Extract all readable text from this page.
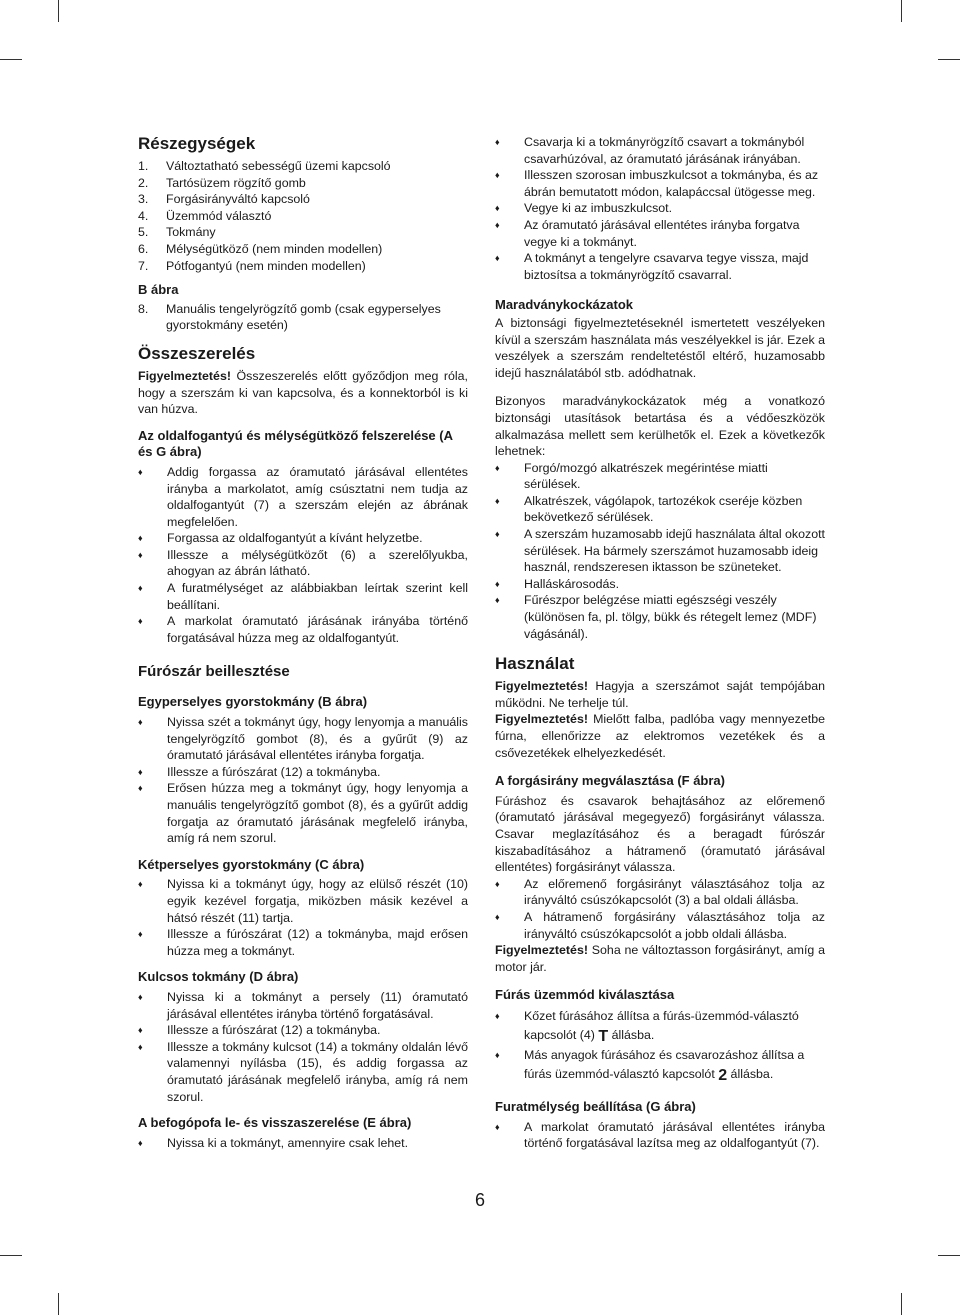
Részegységek
1.	Változtatható sebességű üzemi kapcsoló
2.	Tartósüzem rögzítő gomb
3.	Forgásirányváltó kapcsoló
4.	Üzemmód választó
5.	Tokmány
6.	Mélységütköző (nem minden modellen)
7.	Pótfogantyú (nem minden modellen)
B ábra
8.	Manuális tengelyrögzítő gomb (csak egyperselyes gyorstokmány esetén)
Összeszerelés

Figyelmeztetés! Összeszerelés előtt győződjon meg róla, hogy a szerszám ki van kapcsolva, és a konnektorból is ki van húzva.

Az oldalfogantyú és mélységütköző felszerelése (A és G ábra)
♦ Addig forgassa az óramutató járásával ellentétes irányba a markolatot, amíg csúsztatni nem tudja az oldalfogantyút (7) a szerszám elején az ábrának megfelelően.
♦ Forgassa az oldalfogantyút a kívánt helyzetbe.
♦ Illessze a mélységütközőt (6) a szerelőlyukba, ahogyan az ábrán látható.
♦ A furatmélységet az alábbiakban leírtak szerint kell beállítani.
♦ A markolat óramutató járásának irányába történő forgatásával húzza meg az oldalfogantyút.
Fúrószár beillesztése
Egyperselyes gyorstokmány (B ábra)
♦ Nyissa szét a tokmányt úgy, hogy lenyomja a manuális tengelyrögzítő gombot (8), és a gyűrűt (9) az óramutató járásával ellentétes irányba forgatja.
♦ Illessze a fúrószárat (12) a tokmányba.
♦ Erősen húzza meg a tokmányt úgy, hogy lenyomja a manuális tengelyrögzítő gombot (8), és a gyűrűt addig forgatja az óramutató járásának megfelelő irányba, amíg rá nem szorul.
Kétperselyes gyorstokmány (C ábra)
♦ Nyissa ki a tokmányt úgy, hogy az elülső részét (10) egyik kezével forgatja, miközben másik kezével a hátsó részét (11) tartja.
♦ Illessze a fúrószárat (12) a tokmányba, majd erősen húzza meg a tokmányt.
Kulcsos tokmány (D ábra)
♦ Nyissa ki a tokmányt a persely (11) óramutató járásával ellentétes irányba történő forgatásával.
♦ Illessze a fúrószárat (12) a tokmányba.
♦ Illessze a tokmány kulcsot (14) a tokmány oldalán lévő valamennyi nyílásba (15), és addig forgassa az óramutató járásának megfelelő irányba, amíg rá nem szorul.
A befogópofa le- és visszaszerelése (E ábra)
♦ Nyissa ki a tokmányt, amennyire csak lehet.
♦ Csavarja ki a tokmányrögzítő csavart a tokmányból csavarhúzóval, az óramutató járásának irányában.
♦ Illesszen szorosan imbuszkulcsot a tokmányba, és az ábrán bemutatott módon, kalapáccsal ütögesse meg.
♦ Vegye ki az imbuszkulcsot.
♦ Az óramutató járásával ellentétes irányba forgatva vegye ki a tokmányt.
♦ A tokmányt a tengelyre csavarva tegye vissza, majd biztosítsa a tokmányrögzítő csavarral.
Maradványkockázatok

A biztonsági figyelmeztetéseknél ismertetett veszélyeken kívül a szerszám használata más veszélyekkel is jár. Ezek a veszélyek a szerszám rendeltetéstől eltérő, huzamosabb idejű használatából stb. adódhatnak.

Bizonyos maradványkockázatok még a vonatkozó biztonsági utasítások betartása és a védőeszközök alkalmazása mellett sem kerülhetők el. Ezek a következők lehetnek:

♦ Forgó/mozgó alkatrészek megérintése miatti sérülések.
♦ Alkatrészek, vágólapok, tartozékok cseréje közben bekövetkező sérülések.
♦ A szerszám huzamosabb idejű használata által okozott sérülések. Ha bármely szerszámot huzamosabb ideig használ, rendszeresen iktasson be szüneteket.
♦ Halláskárosodás.
♦ Fűrészpor belégzése miatti egészségi veszély (különösen fa, pl. tölgy, bükk és rétegelt lemez (MDF) vágásánál).
Használat

Figyelmeztetés! Hagyja a szerszámot saját tempójában működni. Ne terhelje túl.

Figyelmeztetés! Mielőtt falba, padlóba vagy mennyezetbe fúrna, ellenőrizze az elektromos vezetékek és a csővezetékek elhelyezkedését.

A forgásirány megválasztása (F ábra)

Fúráshoz és csavarok behajtásához az előremenő (óramutató járásával megegyező) forgásirányt válassza. Csavar meglazításához és a beragadt fúrószár kiszabadításához a hátramenő (óramutató járásával ellentétes) forgásirányt válassza.

♦ Az előremenő forgásirányt választásához tolja az irányváltó csúszókapcsolót (3) a bal oldali állásba.
♦ A hátramenő forgásirány választásához tolja az irányváltó csúszókapcsolót a jobb oldali állásba.

Figyelmeztetés! Soha ne változtasson forgásirányt, amíg a motor jár.

Fúrás üzemmód kiválasztása
♦ Kőzet fúrásához állítsa a fúrás-üzemmód-választó kapcsolót (4) T állásba.
♦ Más anyagok fúrásához és csavarozáshoz állítsa a fúrás üzemmód-választó kapcsolót 2 állásba.
Furatmélység beállítása (G ábra)
♦ A markolat óramutató járásával ellentétes irányba történő forgatásával lazítsa meg az oldalfogantyút (7).
6
